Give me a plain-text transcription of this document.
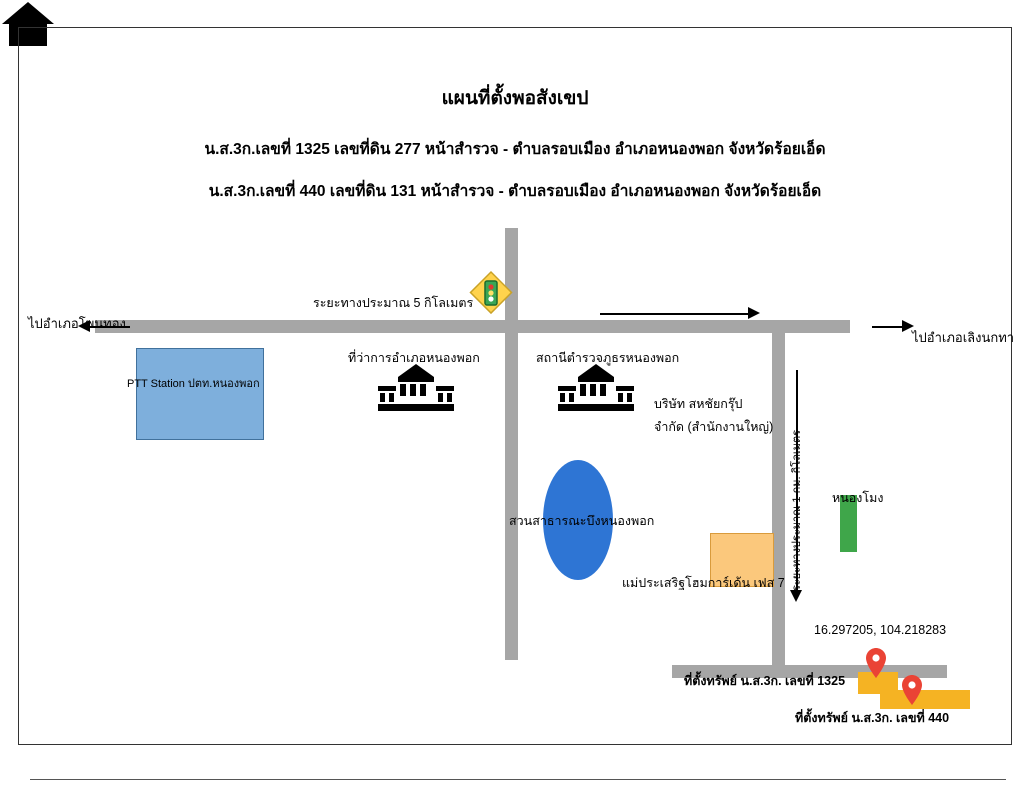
แผนที่ตั้งพอสังเขป
น.ส.3ก.เลขที่ 1325 เลขที่ดิน 277 หน้าสำรวจ - ตำบลรอบเมือง อำเภอหนองพอก จังหวัดร้อยเอ็ด
น.ส.3ก.เลขที่ 440 เลขที่ดิน 131 หน้าสำรวจ - ตำบลรอบเมือง อำเภอหนองพอก จังหวัดร้อยเอ็ด
ระยะทางประมาณ 5 กิโลเมตร
ไปอำเภอโพนทอง
ไปอำเภอเลิงนกทา
PTT Station ปตท.หนองพอก
ที่ว่าการอำเภอหนองพอก	สถานีตำรวจภูธรหนองพอก
บริษัท สหชัยกรุ๊ป
จำกัด (สำนักงานใหญ่)
สวนสาธารณะบึงหนองพอก
แม่ประเสริฐโฮมการ์เด้น เฟส 7
หนองโมง
ระยะทางประมาณ 1 กม. กิโลเมตร
16.297205, 104.218283
ที่ตั้งทรัพย์ น.ส.3ก. เลขที่ 1325
ที่ตั้งทรัพย์ น.ส.3ก. เลขที่ 440
